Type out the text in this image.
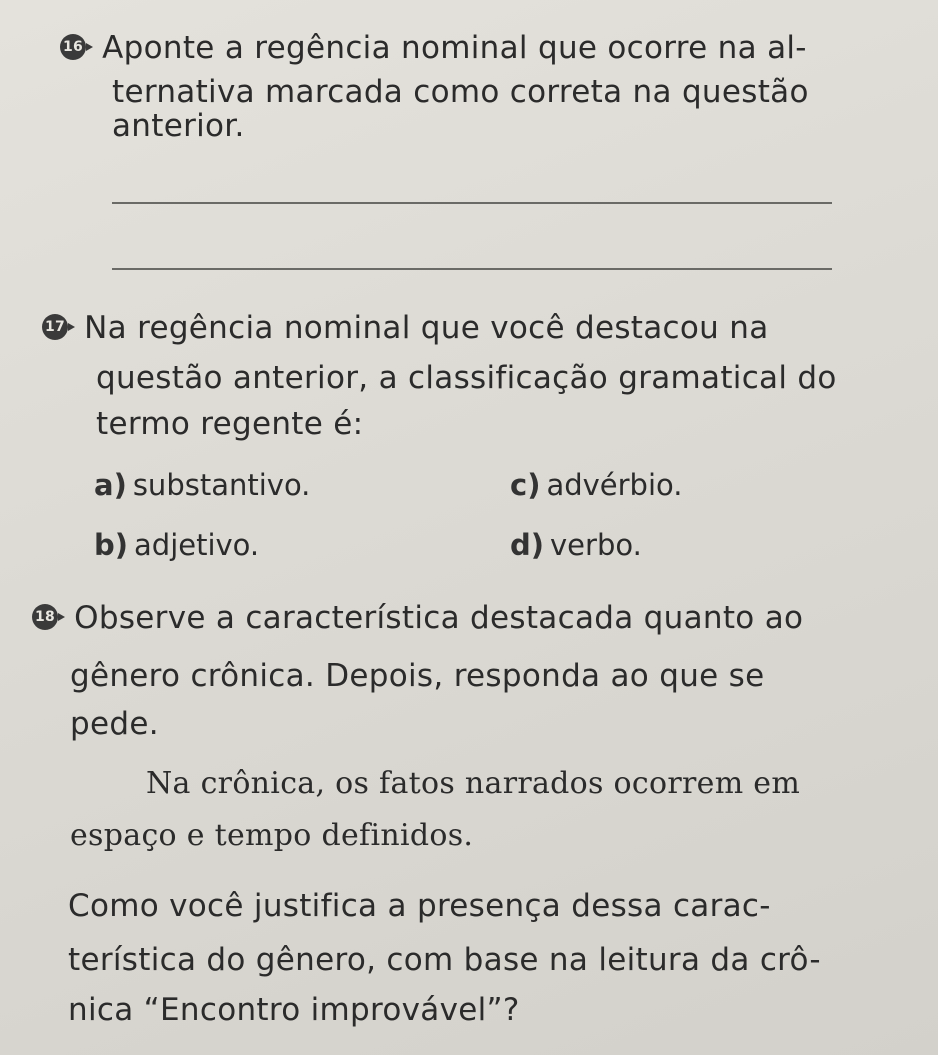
16 Aponte a regência nominal que ocorre na al-
ternativa marcada como correta na questão
anterior.
17 Na regência nominal que você destacou na
questão anterior, a classificação gramatical do
termo regente é:
a) substantivo.
b) adjetivo.
c) advérbio.
d) verbo.
18 Observe a característica destacada quanto ao
gênero crônica. Depois, responda ao que se
pede.
Na crônica, os fatos narrados ocorrem em
espaço e tempo definidos.
Como você justifica a presença dessa carac-
terística do gênero, com base na leitura da crô-
nica “Encontro improvável”?
